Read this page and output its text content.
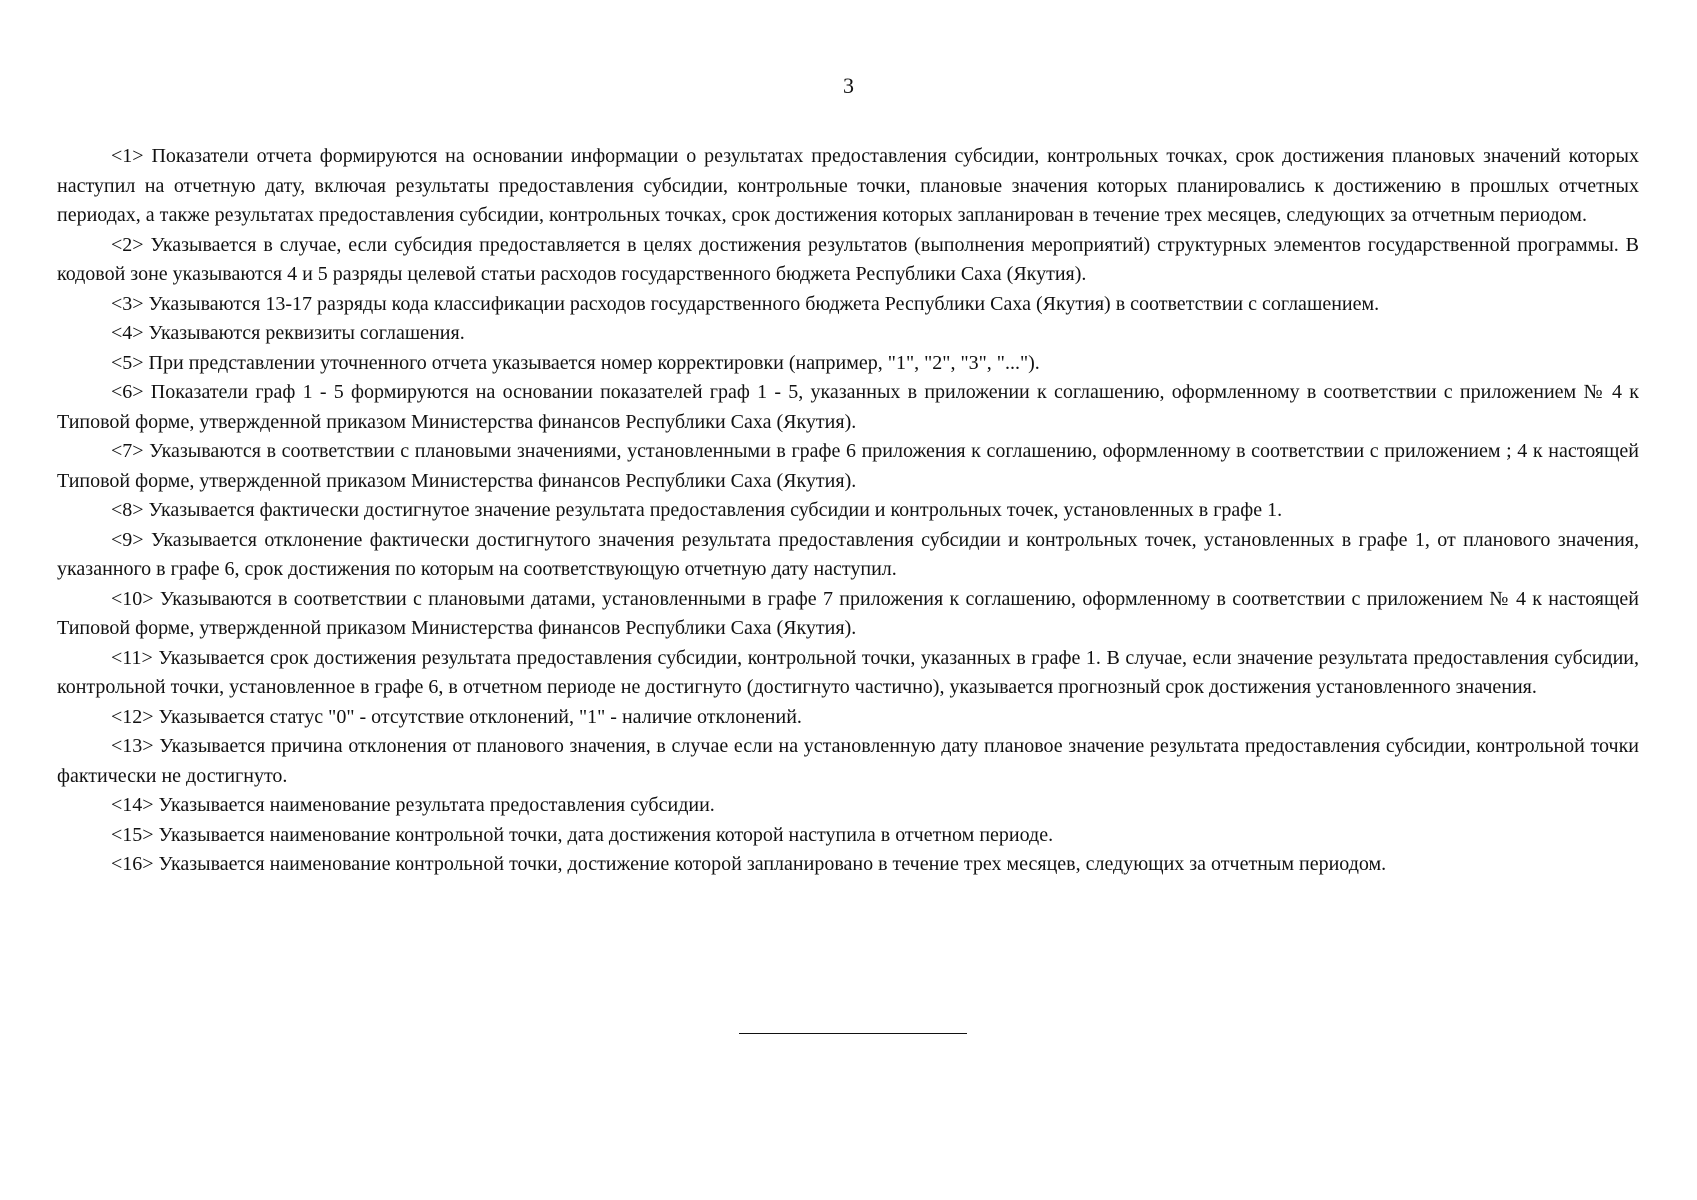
3

<1> Показатели отчета формируются на основании информации о результатах предоставления субсидии, контрольных точках, срок достижения плановых значений которых наступил на отчетную дату, включая результаты предоставления субсидии, контрольные точки, плановые значения которых планировались к достижению в прошлых отчетных периодах, а также результатах предоставления субсидии, контрольных точках, срок достижения которых запланирован в течение трех месяцев, следующих за отчетным периодом.

<2> Указывается в случае, если субсидия предоставляется в целях достижения результатов (выполнения мероприятий) структурных элементов государственной программы. В кодовой зоне указываются 4 и 5 разряды целевой статьи расходов государственного бюджета Республики Саха (Якутия).

<3> Указываются 13-17 разряды кода классификации расходов государственного бюджета Республики Саха (Якутия) в соответствии с соглашением.

<4> Указываются реквизиты соглашения.

<5> При представлении уточненного отчета указывается номер корректировки (например, "1", "2", "3", "...").

<6> Показатели граф 1 - 5 формируются на основании показателей граф 1 - 5, указанных в приложении к соглашению, оформленному в соответствии с приложением № 4 к Типовой форме, утвержденной приказом Министерства финансов Республики Саха (Якутия).

<7> Указываются в соответствии с плановыми значениями, установленными в графе 6 приложения к соглашению, оформленному в соответствии с приложением ; 4 к настоящей Типовой форме, утвержденной приказом Министерства финансов Республики Саха (Якутия).

<8> Указывается фактически достигнутое значение результата предоставления субсидии и контрольных точек, установленных в графе 1.

<9> Указывается отклонение фактически достигнутого значения результата предоставления субсидии и контрольных точек, установленных в графе 1, от планового значения, указанного в графе 6, срок достижения по которым на соответствующую отчетную дату наступил.

<10> Указываются в соответствии с плановыми датами, установленными в графе 7 приложения к соглашению, оформленному в соответствии с приложением № 4 к настоящей Типовой форме, утвержденной приказом Министерства финансов Республики Саха (Якутия).

<11> Указывается срок достижения результата предоставления субсидии, контрольной точки, указанных в графе 1. В случае, если значение результата предоставления субсидии, контрольной точки, установленное в графе 6, в отчетном периоде не достигнуто (достигнуто частично), указывается прогнозный срок достижения установленного значения.

<12> Указывается статус "0" - отсутствие отклонений, "1" - наличие отклонений.

<13> Указывается причина отклонения от планового значения, в случае если на установленную дату плановое значение результата предоставления субсидии, контрольной точки фактически не достигнуто.

<14> Указывается наименование результата предоставления субсидии.

<15> Указывается наименование контрольной точки, дата достижения которой наступила в отчетном периоде.

<16> Указывается наименование контрольной точки, достижение которой запланировано в течение трех месяцев, следующих за отчетным периодом.
